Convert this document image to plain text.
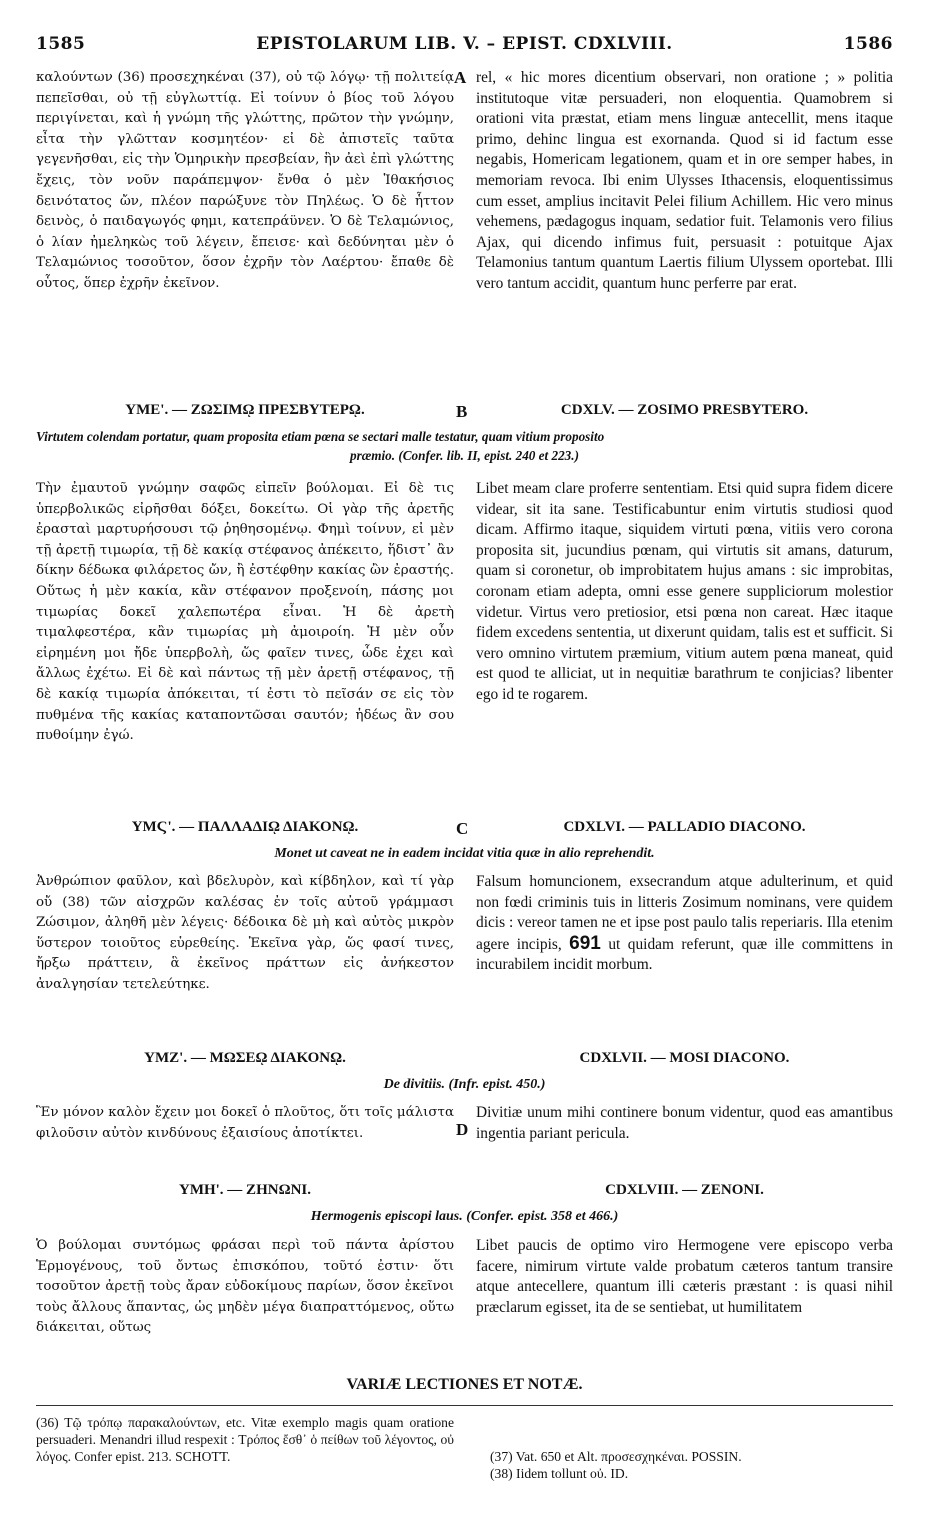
1585	EPISTOLARUM LIB. V. – EPIST. CDXLVIII.	1586
A
B
C
D
καλούντων (36) προσεχηκέναι (37), οὐ τῷ λόγῳ· τῇ πολιτείᾳ πεπεῖσθαι, οὐ τῇ εὐγλωττίᾳ. Εἰ τοίνυν ὁ βίος τοῦ λόγου περιγίνεται, καὶ ἡ γνώμη τῆς γλώττης, πρῶτον τὴν γνώμην, εἶτα τὴν γλῶτταν κοσμητέον· εἰ δὲ ἀπιστεῖς ταῦτα γεγενῆσθαι, εἰς τὴν Ὁμηρικὴν πρεσβείαν, ἣν ἀεὶ ἐπὶ γλώττης ἔχεις, τὸν νοῦν παράπεμψον· ἔνθα ὁ μὲν Ἰθακήσιος δεινότατος ὤν, πλέον παρώξυνε τὸν Πηλέως. Ὁ δὲ ἧττον δεινὸς, ὁ παιδαγωγός φημι, κατεπράϋνεν. Ὁ δὲ Τελαμώνιος, ὁ λίαν ἠμεληκὼς τοῦ λέγειν, ἔπεισε· καὶ δεδύνηται μὲν ὁ Τελαμώνιος τοσοῦτον, ὅσον ἐχρῆν τὸν Λαέρτου· ἔπαθε δὲ οὗτος, ὅπερ ἐχρῆν ἐκεῖνον.
rel, « hic mores dicentium observari, non oratione ; » politia institutoque vitæ persuaderi, non eloquentia. Quamobrem si orationi vita præstat, etiam mens linguæ antecellit, mens itaque primo, dehinc lingua est exornanda. Quod si id factum esse negabis, Homericam legationem, quam et in ore semper habes, in memoriam revoca. Ibi enim Ulysses Ithacensis, eloquentissimus cum esset, amplius incitavit Pelei filium Achillem. Hic vero minus vehemens, pædagogus inquam, sedatior fuit. Telamonis vero filius Ajax, qui dicendo infimus fuit, persuasit : potuitque Ajax Telamonius tantum quantum Laertis filium Ulyssem oportebat. Illi vero tantum accidit, quantum hunc perferre par erat.
ΥΜΕ'. — ΖΩΣΙΜῼ ΠΡΕΣΒΥΤΕΡῼ.	CDXLV. — ZOSIMO PRESBYTERO.
Virtutem colendam portatur, quam proposita etiam pœna se sectari malle testatur, quam vitium proposito
præmio. (Confer. lib. II, epist. 240 et 223.)
Τὴν ἐμαυτοῦ γνώμην σαφῶς εἰπεῖν βούλομαι. Εἰ δὲ τις ὑπερβολικῶς εἰρῆσθαι δόξει, δοκείτω. Οἱ γὰρ τῆς ἀρετῆς ἐρασταὶ μαρτυρήσουσι τῷ ῥηθησομένῳ. Φημὶ τοίνυν, εἰ μὲν τῇ ἀρετῇ τιμωρία, τῇ δὲ κακίᾳ στέφανος ἀπέκειτο, ἥδιστ᾽ ἂν δίκην δέδωκα φιλάρετος ὤν, ἢ ἐστέφθην κακίας ὢν ἐραστής. Οὕτως ἡ μὲν κακία, κἂν στέφανον προξενοίη, πάσης μοι τιμωρίας δοκεῖ χαλεπωτέρα εἶναι. Ἡ δὲ ἀρετὴ τιμαλφεστέρα, κἂν τιμωρίας μὴ ἀμοιροίη. Ἡ μὲν οὖν εἰρημένη μοι ἤδε ὑπερβολὴ, ὥς φαῖεν τινες, ὧδε ἐχει καὶ ἄλλως ἐχέτω. Εἰ δὲ καὶ πάντως τῇ μὲν ἀρετῇ στέφανος, τῇ δὲ κακίᾳ τιμωρία ἀπόκειται, τί ἐστι τὸ πεῖσάν σε εἰς τὸν πυθμένα τῆς κακίας καταποντῶσαι σαυτόν; ἡδέως ἂν σου πυθοίμην ἐγώ.
Libet meam clare proferre sententiam. Etsi quid supra fidem dicere videar, sit ita sane. Testificabuntur enim virtutis studiosi quod dicam. Affirmo itaque, siquidem virtuti pœna, vitiis vero corona proposita sit, jucundius pœnam, qui virtutis sit amans, daturum, quam si coronetur, ob improbitatem hujus amans : sic improbitas, coronam etiam adepta, omni esse genere suppliciorum molestior videtur. Virtus vero pretiosior, etsi pœna non careat. Hæc itaque fidem excedens sententia, ut dixerunt quidam, talis est et sufficit. Si vero omnino virtutem præmium, vitium autem pœna maneat, quid est quod te alliciat, ut in nequitiæ barathrum te conjicias? libenter ego id te rogarem.
ΥΜϚ'. — ΠΑΛΛΑΔΙῼ ΔΙΑΚΟΝῼ.	CDXLVI. — PALLADIO DIACONO.
Monet ut caveat ne in eadem incidat vitia quæ in alio reprehendit.
Ἀνθρώπιον φαῦλον, καὶ βδελυρὸν, καὶ κίβδηλον, καὶ τί γὰρ οὔ (38) τῶν αἰσχρῶν καλέσας ἐν τοῖς αὐτοῦ γράμμασι Ζώσιμον, ἀληθῆ μὲν λέγεις· δέδοικα δὲ μὴ καὶ αὐτὸς μικρὸν ὕστερον τοιοῦτος εὑρεθείης. Ἐκεῖνα γὰρ, ὥς φασί τινες, ἤρξω πράττειν, ἃ ἐκεῖνος πράττων εἰς ἀνήκεστον ἀναλγησίαν τετελεύτηκε.
Falsum homuncionem, exsecrandum atque adulterinum, et quid non fœdi criminis tuis in litteris Zosimum nominans, vere quidem dicis : vereor tamen ne et ipse post paulo talis reperiaris. Illa etenim agere incipis, 691 ut quidam referunt, quæ ille committens in incurabilem incidit morbum.
ΥΜΖ'. — ΜΩΣΕῼ ΔΙΑΚΟΝῼ.	CDXLVII. — MOSI DIACONO.
De divitiis. (Infr. epist. 450.)
Ἓν μόνον καλὸν ἔχειν μοι δοκεῖ ὁ πλοῦτος, ὅτι τοῖς μάλιστα φιλοῦσιν αὐτὸν κινδύνους ἐξαισίους ἀποτίκτει.
Divitiæ unum mihi continere bonum videntur, quod eas amantibus ingentia pariant pericula.
ΥΜΗ'. — ΖΗΝΩΝΙ.	CDXLVIII. — ZENONI.
Hermogenis episcopi laus. (Confer. epist. 358 et 466.)
Ὁ βούλομαι συντόμως φράσαι περὶ τοῦ πάντα ἀρίστου Ἑρμογένους, τοῦ ὄντως ἐπισκόπου, τοῦτό ἐστιν· ὅτι τοσοῦτον ἀρετῇ τοὺς ἄραν εὐδοκίμους παρίων, ὅσον ἐκεῖνοι τοὺς ἄλλους ἅπαντας, ὡς μηδὲν μέγα διαπραττόμενος, οὕτω διάκειται, οὕτως
Libet paucis de optimo viro Hermogene vere episcopo verba facere, nimirum virtute valde probatum cæteros tantum transire atque antecellere, quantum illi cæteris præstant : is quasi nihil præclarum egisset, ita de se sentiebat, ut humilitatem
VARIÆ LECTIONES ET NOTÆ.
(36) Τῷ τρόπῳ παρακαλούντων, etc. Vitæ exemplo magis quam oratione persuaderi. Menandri illud respexit : Τρόπος ἔσθ᾽ ὁ πείθων τοῦ λέγοντος, οὐ λόγος. Confer epist. 213. SCHOTT.	(37) Vat. 650 et Alt. προσεσχηκέναι. POSSIN.
(38) Iidem tollunt οὐ. ID.
